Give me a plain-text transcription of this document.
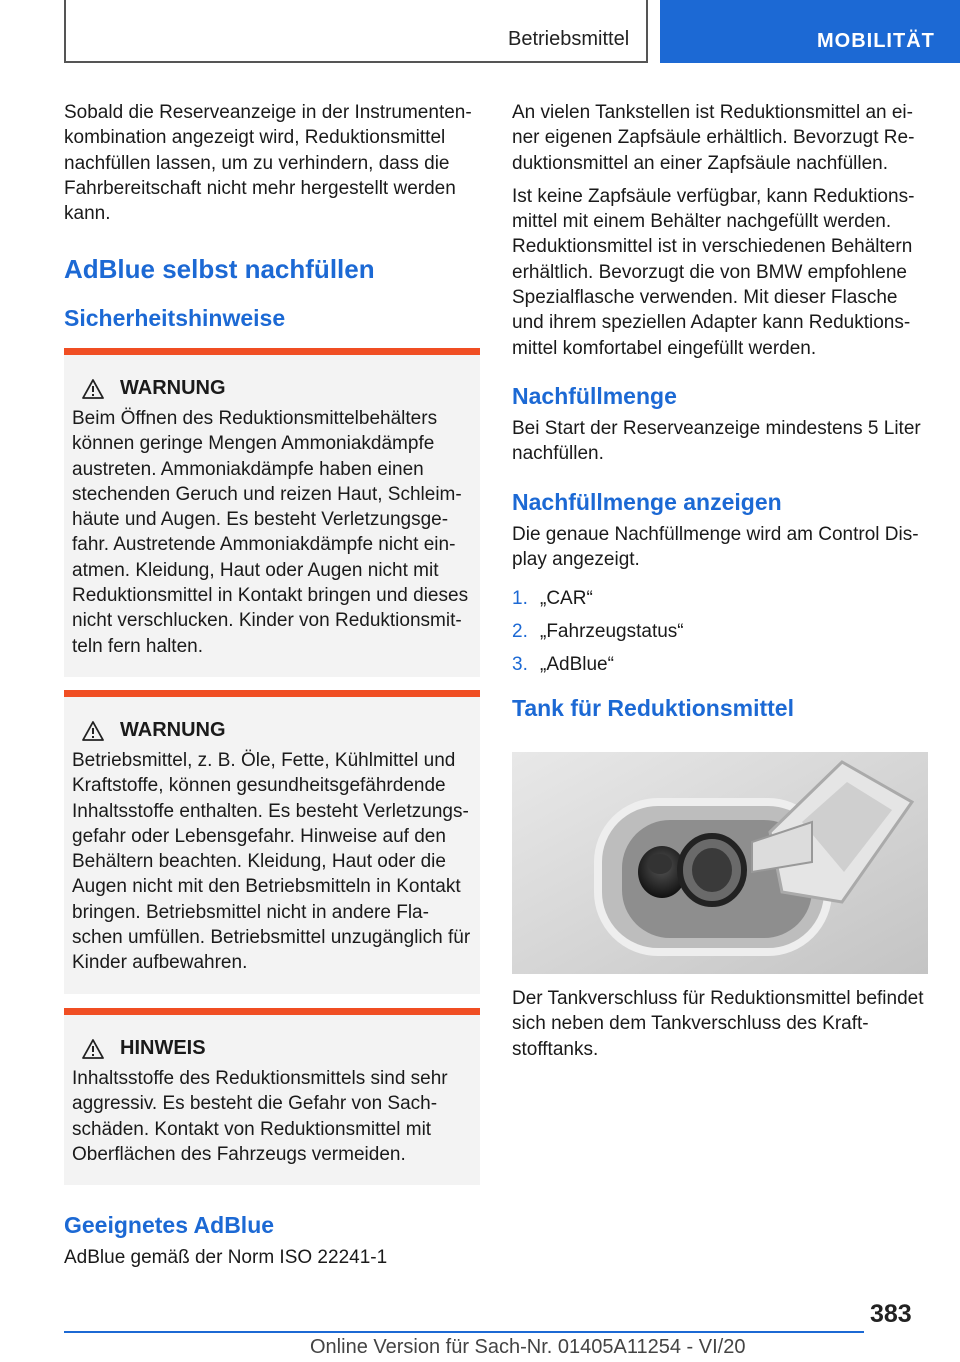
Betriebsmittel	MOBILITÄT

Sobald die Reserveanzeige in der Instrumentenkombination angezeigt wird, Reduktionsmittel nachfüllen lassen, um zu verhindern, dass die Fahrbereitschaft nicht mehr hergestellt werden kann.

AdBlue selbst nachfüllen
Sicherheitshinweise
WARNUNG

Beim Öffnen des Reduktionsmittelbehälters können geringe Mengen Ammoniakdämpfe austreten. Ammoniakdämpfe haben einen stechenden Geruch und reizen Haut, Schleimhäute und Augen. Es besteht Verletzungsgefahr. Austretende Ammoniakdämpfe nicht einatmen. Kleidung, Haut oder Augen nicht mit Reduktionsmittel in Kontakt bringen und dieses nicht verschlucken. Kinder von Reduktionsmitteln fern halten.

WARNUNG

Betriebsmittel, z. B. Öle, Fette, Kühlmittel und Kraftstoffe, können gesundheitsgefährdende Inhaltsstoffe enthalten. Es besteht Verletzungsgefahr oder Lebensgefahr. Hinweise auf den Behältern beachten. Kleidung, Haut oder die Augen nicht mit den Betriebsmitteln in Kontakt bringen. Betriebsmittel nicht in andere Flaschen umfüllen. Betriebsmittel unzugänglich für Kinder aufbewahren.

HINWEIS

Inhaltsstoffe des Reduktionsmittels sind sehr aggressiv. Es besteht die Gefahr von Sachschäden. Kontakt von Reduktionsmittel mit Oberflächen des Fahrzeugs vermeiden.

Geeignetes AdBlue

AdBlue gemäß der Norm ISO 22241-1

An vielen Tankstellen ist Reduktionsmittel an einer eigenen Zapfsäule erhältlich. Bevorzugt Reduktionsmittel an einer Zapfsäule nachfüllen.

Ist keine Zapfsäule verfügbar, kann Reduktionsmittel mit einem Behälter nachgefüllt werden. Reduktionsmittel ist in verschiedenen Behältern erhältlich. Bevorzugt die von BMW empfohlene Spezialflasche verwenden. Mit dieser Flasche und ihrem speziellen Adapter kann Reduktionsmittel komfortabel eingefüllt werden.

Nachfüllmenge

Bei Start der Reserveanzeige mindestens 5 Liter nachfüllen.

Nachfüllmenge anzeigen

Die genaue Nachfüllmenge wird am Control Display angezeigt.

1. „CAR“
2. „Fahrzeugstatus“
3. „AdBlue“
Tank für Reduktionsmittel

Der Tankverschluss für Reduktionsmittel befindet sich neben dem Tankverschluss des Kraftstofftanks.

383
Online Version für Sach-Nr. 01405A11254 - VI/20
